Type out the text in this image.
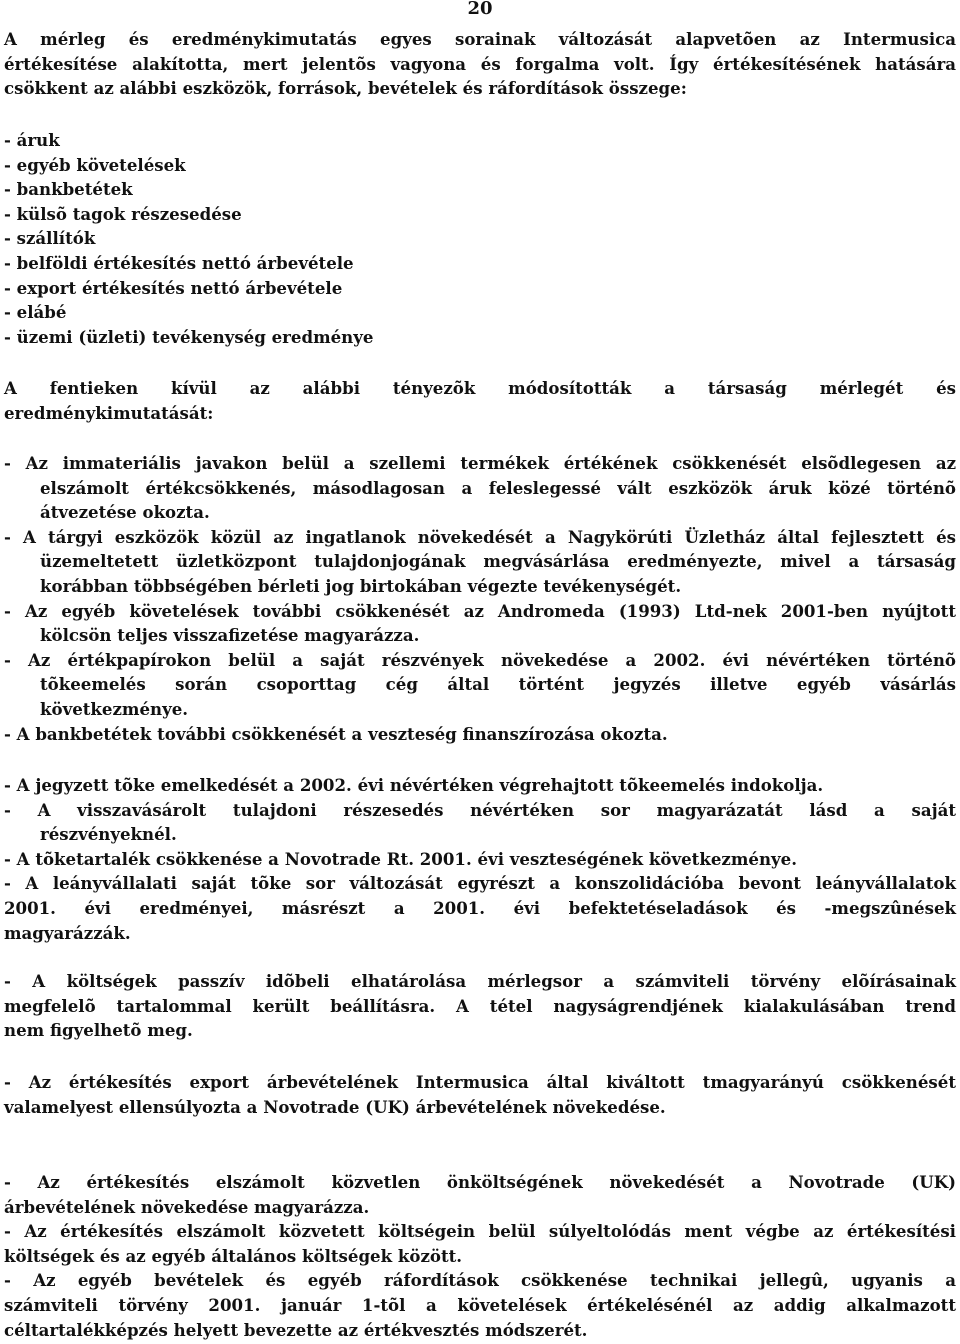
20
A mérleg és eredménykimutatás egyes sorainak változását alapvetõen az Intermusica
értékesítése alakította, mert jelentõs vagyona és forgalma volt. Így értékesítésének hatására
csökkent az alábbi eszközök, források, bevételek és ráfordítások összege:
- áruk
- egyéb követelések
- bankbetétek
- külsõ tagok részesedése
- szállítók
- belföldi értékesítés nettó árbevétele
- export értékesítés nettó árbevétele
- elábé
- üzemi (üzleti) tevékenység eredménye
A fentieken kívül az alábbi tényezõk módosították a társaság mérlegét és
eredménykimutatását:
- Az immateriális javakon belül a szellemi termékek értékének csökkenését elsõdlegesen az
elszámolt értékcsökkenés, másodlagosan a feleslegessé vált eszközök áruk közé történõ
átvezetése okozta.
- A tárgyi eszközök közül az ingatlanok növekedését a Nagykörúti Üzletház által fejlesztett és
üzemeltetett üzletközpont tulajdonjogának megvásárlása eredményezte, mivel a társaság
korábban többségében bérleti jog birtokában végezte tevékenységét.
- Az egyéb követelések további csökkenését az Andromeda (1993) Ltd-nek 2001-ben nyújtott
kölcsön teljes visszafizetése magyarázza.
- Az értékpapírokon belül a saját részvények növekedése a 2002. évi névértéken történõ
tõkeemelés során csoporttag cég által történt jegyzés illetve egyéb vásárlás
következménye.
- A bankbetétek további csökkenését a veszteség finanszírozása okozta.
- A jegyzett tõke emelkedését a 2002. évi névértéken végrehajtott tõkeemelés indokolja.
- A visszavásárolt tulajdoni részesedés névértéken sor magyarázatát lásd a saját
részvényeknél.
- A tõketartalék csökkenése a Novotrade Rt. 2001. évi veszteségének következménye.
- A leányvállalati saját tõke sor változását egyrészt a konszolidációba bevont leányvállalatok
2001. évi eredményei, másrészt a 2001. évi befektetéseladások és -megszûnések
magyarázzák.
- A költségek passzív idõbeli elhatárolása mérlegsor a számviteli törvény elõírásainak
megfelelõ tartalommal került beállításra. A tétel nagyságrendjének kialakulásában trend
nem figyelhetõ meg.
- Az értékesítés export árbevételének Intermusica által kiváltott tmagyarányú csökkenését
valamelyest ellensúlyozta a Novotrade (UK) árbevételének növekedése.
- Az értékesítés elszámolt közvetlen önköltségének növekedését a Novotrade (UK)
árbevételének növekedése magyarázza.
- Az értékesítés elszámolt közvetett költségein belül súlyeltolódás ment végbe az értékesítési
költségek és az egyéb általános költségek között.
- Az egyéb bevételek és egyéb ráfordítások csökkenése technikai jellegû, ugyanis a
számviteli törvény 2001. január 1-tõl a követelések értékelésénél az addig alkalmazott
céltartalékképzés helyett bevezette az értékvesztés módszerét.
